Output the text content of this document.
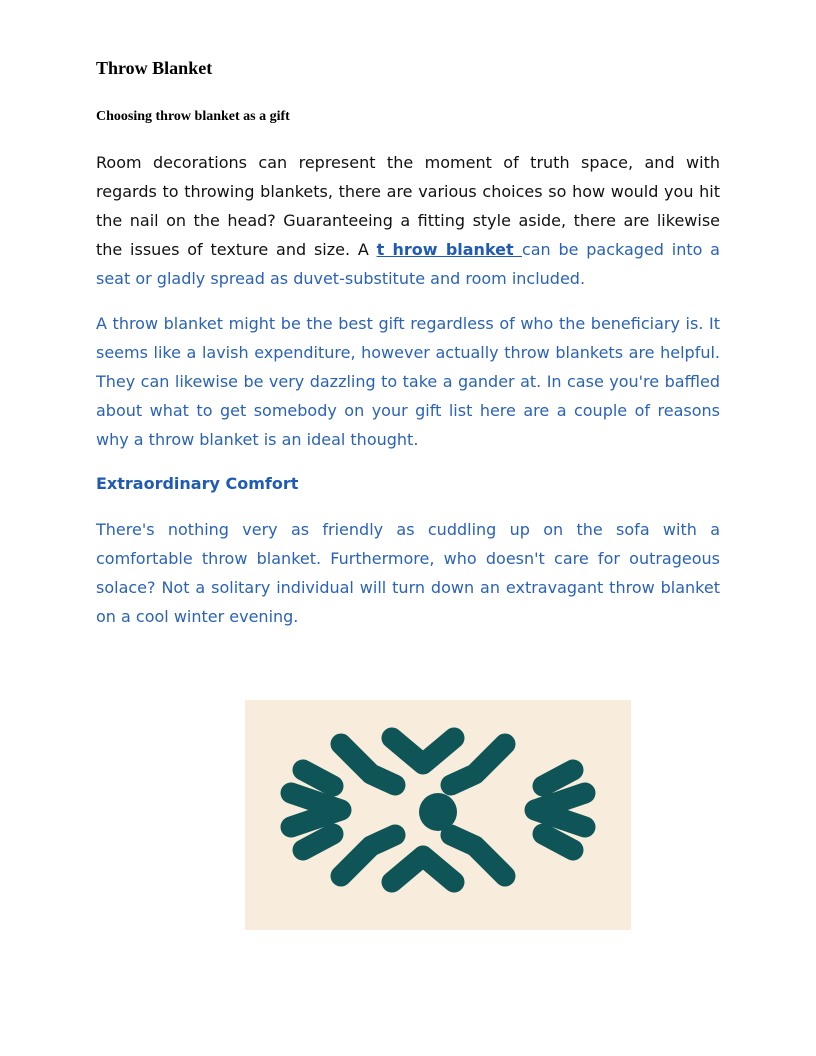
Throw Blanket
Choosing throw blanket as a gift

Room decorations can represent the moment of truth space, and with regards to throwing blankets, there are various choices so how would you hit the nail on the head? Guaranteeing a fitting style aside, there are likewise the issues of texture and size. A t hrow blanket can be packaged into a seat or gladly spread as duvet-substitute and room included.

A throw blanket might be the best gift regardless of who the beneficiary is. It seems like a lavish expenditure, however actually throw blankets are helpful. They can likewise be very dazzling to take a gander at. In case you're baffled about what to get somebody on your gift list here are a couple of reasons why a throw blanket is an ideal thought.

Extraordinary Comfort

There's nothing very as friendly as cuddling up on the sofa with a comfortable throw blanket. Furthermore, who doesn't care for outrageous solace? Not a solitary individual will turn down an extravagant throw blanket on a cool winter evening.
